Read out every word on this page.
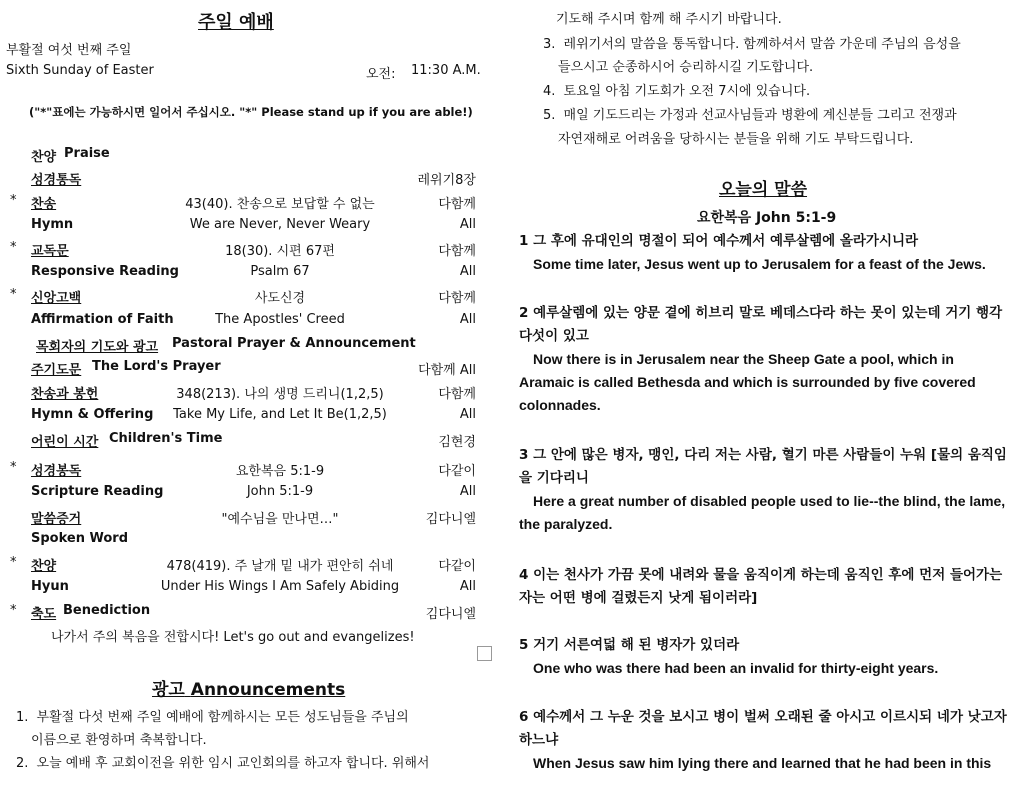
주일 예배
부활절 여섯 번째 주일
Sixth Sunday of Easter	오전: 11:30 A.M.
("*"표에는 가능하시면 일어서 주십시오. "*" Please stand up if you are able!)
찬양 Praise
성경통독	레위기8장
* 찬송	43(40). 찬송으로 보답할 수 없는	다함께
Hymn	We are Never, Never Weary	All
* 교독문	18(30). 시편 67편	다함께
Responsive Reading	Psalm 67	All
* 신앙고백	사도신경	다함께
Affirmation of Faith	The Apostles' Creed	All
목회자의 기도와 광고 Pastoral Prayer & Announcement
주기도문 The Lord's Prayer	다함께 All
찬송과 봉헌	348(213). 나의 생명 드리니(1,2,5)	다함께
Hymn & Offering	Take My Life, and Let It Be(1,2,5)	All
어린이 시간 Children's Time	김현경
* 성경봉독	요한복음 5:1-9	다같이
Scripture Reading	John 5:1-9	All
말씀증거	"예수님을 만나면…"	김다니엘
Spoken Word
* 찬양	478(419). 주 날개 밑 내가 편안히 쉬네	다같이
Hyun	Under His Wings I Am Safely Abiding	All
* 축도 Benediction	김다니엘
나가서 주의 복음을 전합시다! Let's go out and evangelizes!
광고 Announcements
1. 부활절 다섯 번째 주일 예배에 함께하시는 모든 성도님들을 주님의
이름으로 환영하며 축복합니다.
2. 오늘 예배 후 교회이전을 위한 임시 교인회의를 하고자 합니다. 위해서
기도해 주시며 함께 해 주시기 바랍니다.
3. 레위기서의 말씀을 통독합니다. 함께하셔서 말씀 가운데 주님의 음성을
들으시고 순종하시어 승리하시길 기도합니다.
4. 토요일 아침 기도회가 오전 7시에 있습니다.
5. 매일 기도드리는 가정과 선교사님들과 병환에 계신분들 그리고 전쟁과
자연재해로 어려움을 당하시는 분들을 위해 기도 부탁드립니다.
오늘의 말씀
요한복음 John 5:1-9
1 그 후에 유대인의 명절이 되어 예수께서 예루살렘에 올라가시니라
Some time later, Jesus went up to Jerusalem for a feast of the Jews.
2 예루살렘에 있는 양문 곁에 히브리 말로 베데스다라 하는 못이 있는데 거기 행각 다섯이 있고
Now there is in Jerusalem near the Sheep Gate a pool, which in Aramaic is called Bethesda and which is surrounded by five covered colonnades.
3 그 안에 많은 병자, 맹인, 다리 저는 사람, 혈기 마른 사람들이 누워 [물의 움직임을 기다리니
Here a great number of disabled people used to lie--the blind, the lame, the paralyzed.
4 이는 천사가 가끔 못에 내려와 물을 움직이게 하는데 움직인 후에 먼저 들어가는 자는 어떤 병에 걸렸든지 낫게 됨이러라]
5 거기 서른여덟 해 된 병자가 있더라
One who was there had been an invalid for thirty-eight years.
6 예수께서 그 누운 것을 보시고 병이 벌써 오래된 줄 아시고 이르시되 네가 낫고자 하느냐
When Jesus saw him lying there and learned that he had been in this
